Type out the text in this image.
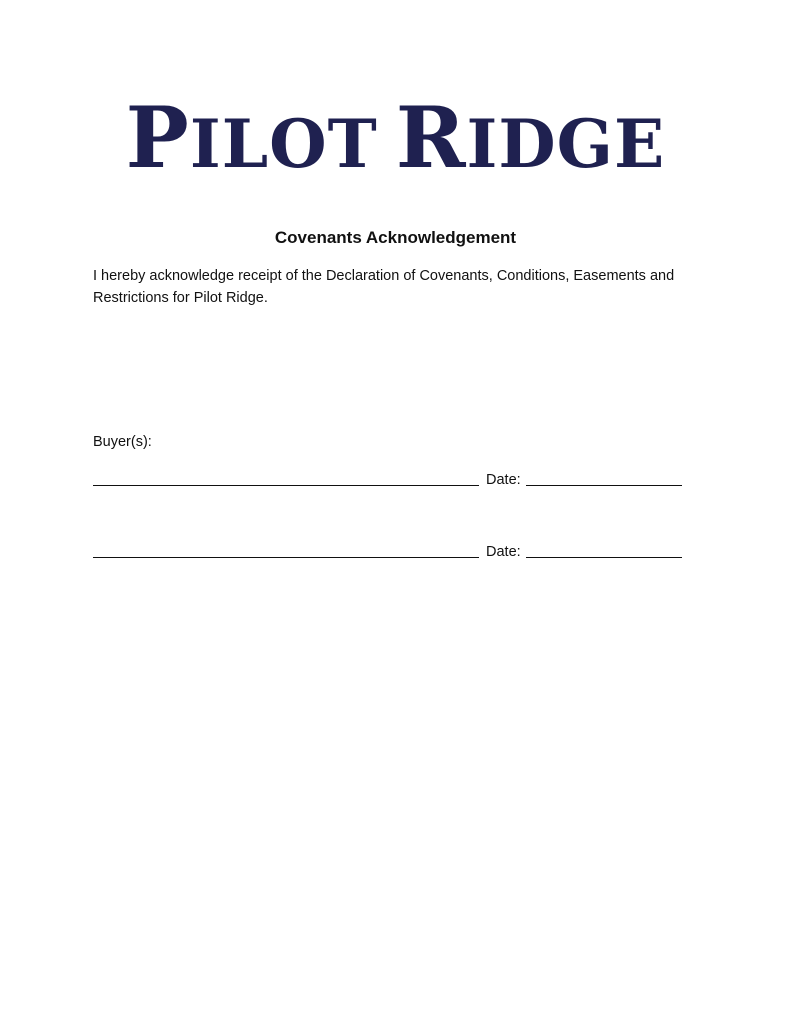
PILOT RIDGE
Covenants Acknowledgement
I hereby acknowledge receipt of the Declaration of Covenants, Conditions, Easements and Restrictions for Pilot Ridge.
Buyer(s):
Date:
Date:
